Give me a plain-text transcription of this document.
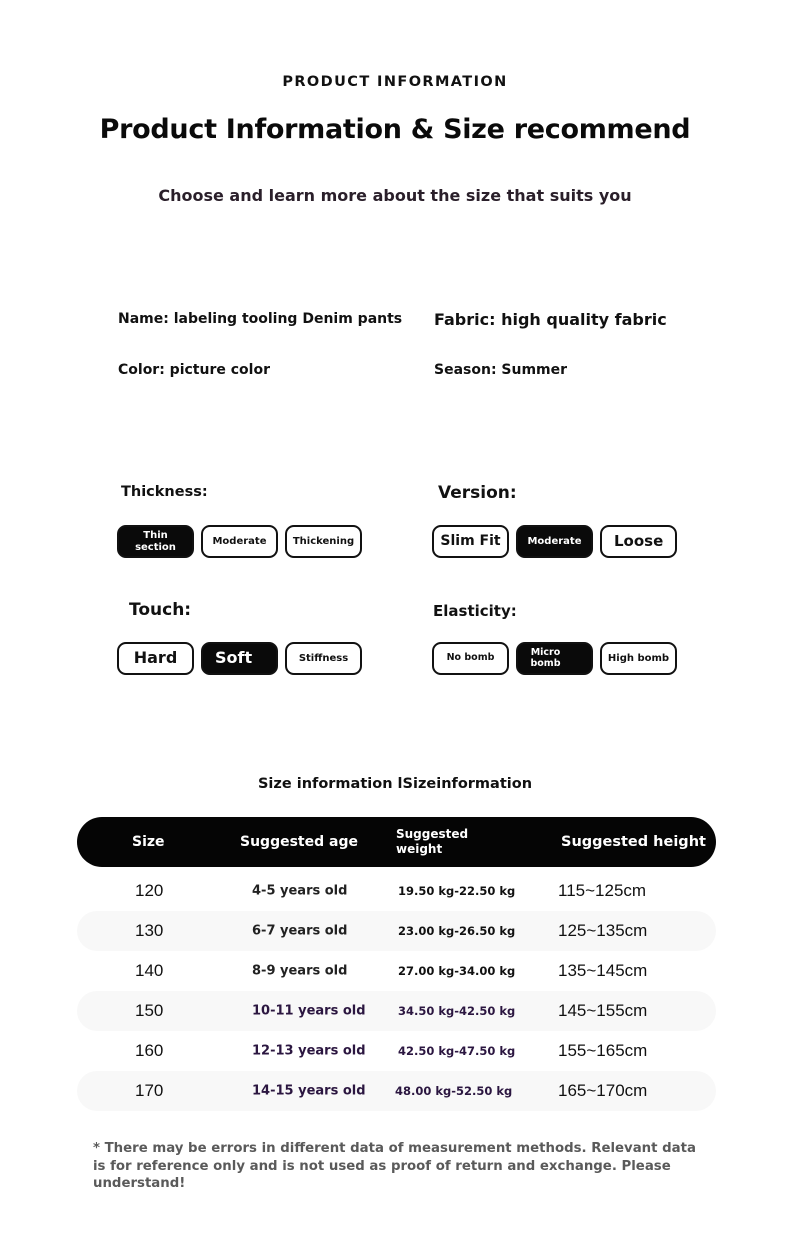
PRODUCT INFORMATION
Product Information & Size recommend
Choose and learn more about the size that suits you
Name: labeling tooling Denim pants Fabric: high quality fabric
Color: picture color	Season: Summer
Thickness:
Thin section
Moderate	Thickening
Version:
Slim Fit	Moderate	Loose
Touch:
Hard	Soft	Stiffness
Elasticity:
No bomb	Micro bomb	High bomb
Size information lSizeinformation
Size	Suggested age	Suggested weight	Suggested height
120	4-5 years old	19.50 kg-22.50 kg	115~125cm
130	6-7 years old	23.00 kg-26.50 kg	125~135cm
140	8-9 years old	27.00 kg-34.00 kg	135~145cm
150	10-11 years old	34.50 kg-42.50 kg	145~155cm
160	12-13 years old	42.50 kg-47.50 kg	155~165cm
170	14-15 years old	48.00 kg-52.50 kg	165~170cm
* There may be errors in different data of measurement methods. Relevant data is for reference only and is not used as proof of return and exchange. Please understand!
